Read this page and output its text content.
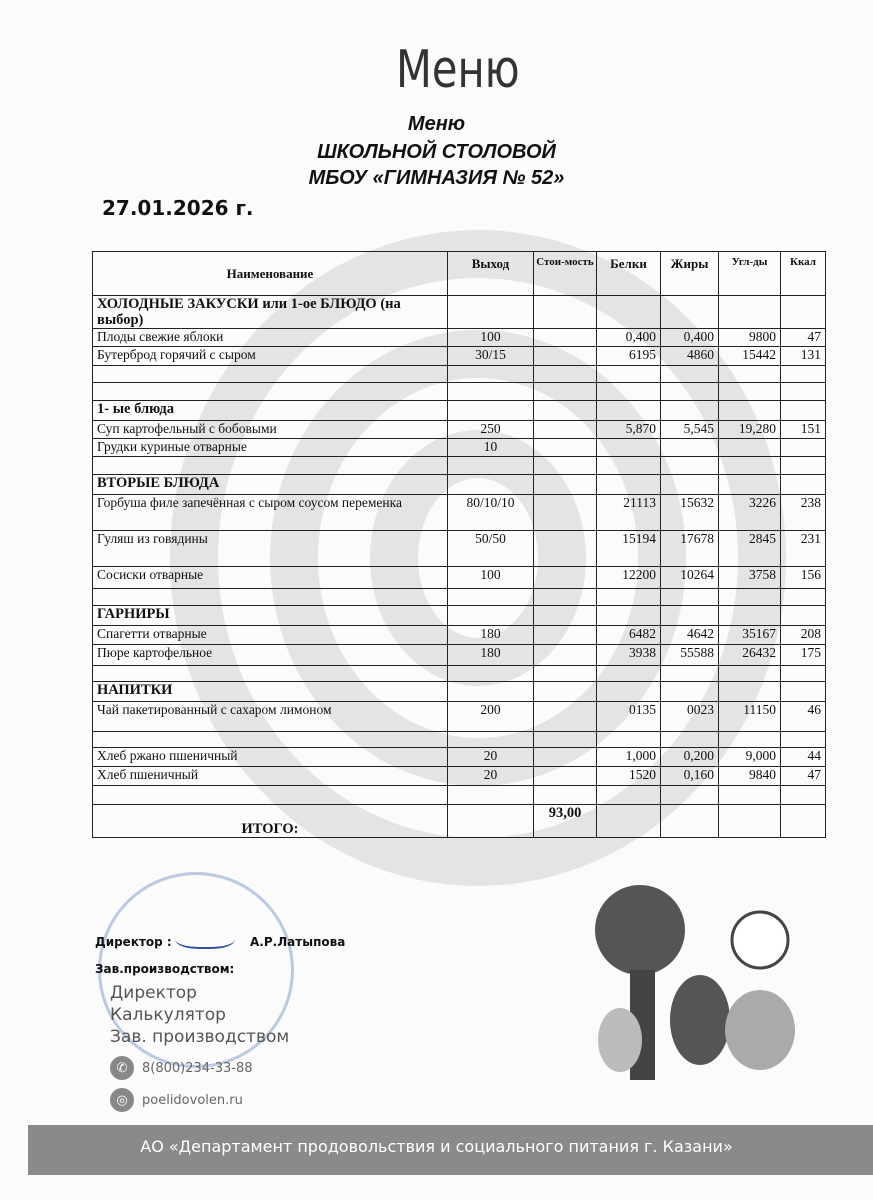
Меню
Меню
ШКОЛЬНОЙ СТОЛОВОЙ
МБОУ «ГИМНАЗИЯ № 52»
27.01.2026 г.
Наименование	Выход	Стои-мость	Белки	Жиры	Угл-ды	Ккал
ХОЛОДНЫЕ ЗАКУСКИ или 1-ое БЛЮДО (на выбор)						
Плоды свежие яблоки	100		0,400	0,400	9800	47
Бутерброд горячий с сыром	30/15		6195	4860	15442	131

1- ые блюда						
Суп картофельный с бобовыми	250		5,870	5,545	19,280	151
Грудки куриные отварные	10					

ВТОРЫЕ БЛЮДА						
Горбуша филе запечённая с сыром соусом переменка	80/10/10		21113	15632	3226	238
Гуляш из говядины	50/50		15194	17678	2845	231
Сосиски отварные	100		12200	10264	3758	156

ГАРНИРЫ						
Спагетти отварные	180		6482	4642	35167	208
Пюре картофельное	180		3938	55588	26432	175

НАПИТКИ						
Чай пакетированный с сахаром лимоном	200		0135	0023	11150	46

Хлеб ржано пшеничный	20		1,000	0,200	9,000	44
Хлеб пшеничный	20		1520	0,160	9840	47

ИТОГО:		93,00				
Директор :	А.Р.Латыпова
Зав.производством:
Директор
Калькулятор
Зав. производством
✆	8(800)234-33-88
◎	poelidovolen.ru
АО «Департамент продовольствия и социального питания г. Казани»
